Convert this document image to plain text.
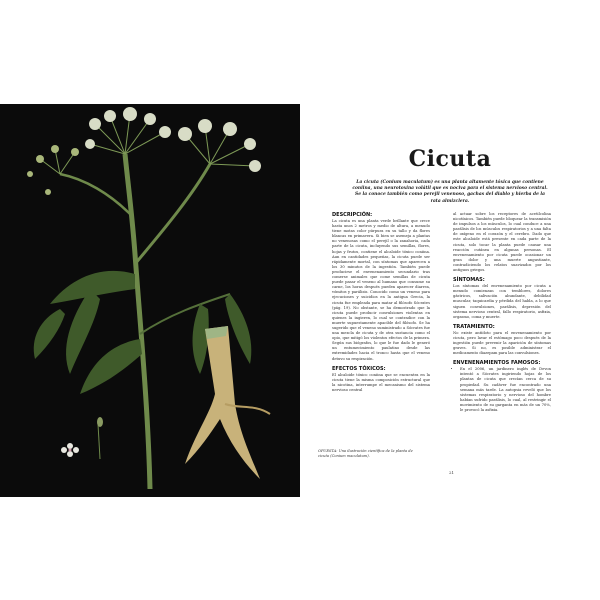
Cicuta
La cicuta (Conium maculatum) es una planta altamente tóxica que contiene coniina, una neurotoxina volátil que es nociva para el sistema nervioso central. Se la conoce también como perejil venenoso, gachas del diablo y hierba de la rata almizclera.
DESCRIPCIÓN:

La cicuta es una planta verde brillante que crece hasta unos 2 metros y medio de altura, a menudo tiene motas color púrpura en su tallo y da flores blancas en primavera. Si bien se asemeja a plantas no venenosas como el perejil o la zanahoria, cada parte de la cicuta, incluyendo sus semillas, flores, hojas y frutos, contiene el alcaloide tóxico coniina. Aun en cantidades pequeñas, la cicuta puede ser rápidamente mortal, con síntomas que aparecen a los 30 minutos de la ingestión. También puede producirse el envenenamiento secundario tras comerse animales que come semillas de cicuta puede pasar el veneno al humano que consume su carne, los horas después pueden aparecer diarrea, vómitos y parálisis. Conocido como un veneno para ejecuciones y suicidios en la antigua Grecia, la cicuta fue empleada para matar al filósofo Sócrates (pág. 19). No obstante, se ha demostrado que la cicuta puede producir convulsiones violentas en quienes la ingieren, lo cual se contradice con la muerte supuestamente apacible del filósofo. Se ha sugerido que el veneno suministrado a Sócrates fue una mezcla de cicuta y de otra sustancia como el opio, que mitigó los violentos efectos de la primera. Según sus biógrafos, lo que le fue dado le generó un entumecimiento paulatino desde las extremidades hacia el tronco hasta que el veneno detuvo su respiración.

EFECTOS TÓXICOS:

El alcaloide tóxico coniina que se encuentra en la cicuta tiene la misma composición estructural que la nicotina, interrumpe el mecanismo del sistema nervioso central

al actuar sobre los receptores de acetilcolina nicotínicos. También puede bloquear la transmisión de impulsos a los músculos, lo cual conduce a una parálisis de los músculos respiratorios y a una falta de oxígeno en el corazón y el cerebro. Dado que este alcaloide está presente en cada parte de la cicuta, solo tocar la planta puede causar una reacción cutánea en algunas personas. El envenenamiento por cicuta puede ocasionar un gran dolor y una muerte angustiante, contradiciendo los relatos suavizados por los antiguos griegos.

SÍNTOMAS:

Los síntomas del envenenamiento por cicuta a menudo comienzan con temblores, dolores gástricos, salivación abundante, debilidad muscular, taquicardia y pérdida del habla, a lo que siguen convulsiones, parálisis, depresión del sistema nervioso central, fallo respiratorio, asfixia, orgasmo, coma y muerte.

TRATAMIENTO:

No existe antídoto para el envenenamiento por cicuta, pero lavar el estómago poco después de la ingestión puede prevenir la aparición de síntomas graves. Si no, es posible administrar el medicamento diazepam para las convulsiones.

ENVENENAMIENTOS FAMOSOS:
• En el 2006, un jardinero inglés de Devon intentó a Sócrates ingiriendo hojas de los plantas de cicuta que crecían cerca de su propiedad. Su cadáver fue encontrado una semana más tarde. La autopsia reveló que los sistemas respiratorio y nervioso del hombre habían sufrido parálisis, lo cual, al restringir el movimiento de su garganta en más de un 70%, le provocó la asfixia.
21
OPUESTA: Una ilustración científica de la planta de cicuta (Conium maculatum).
